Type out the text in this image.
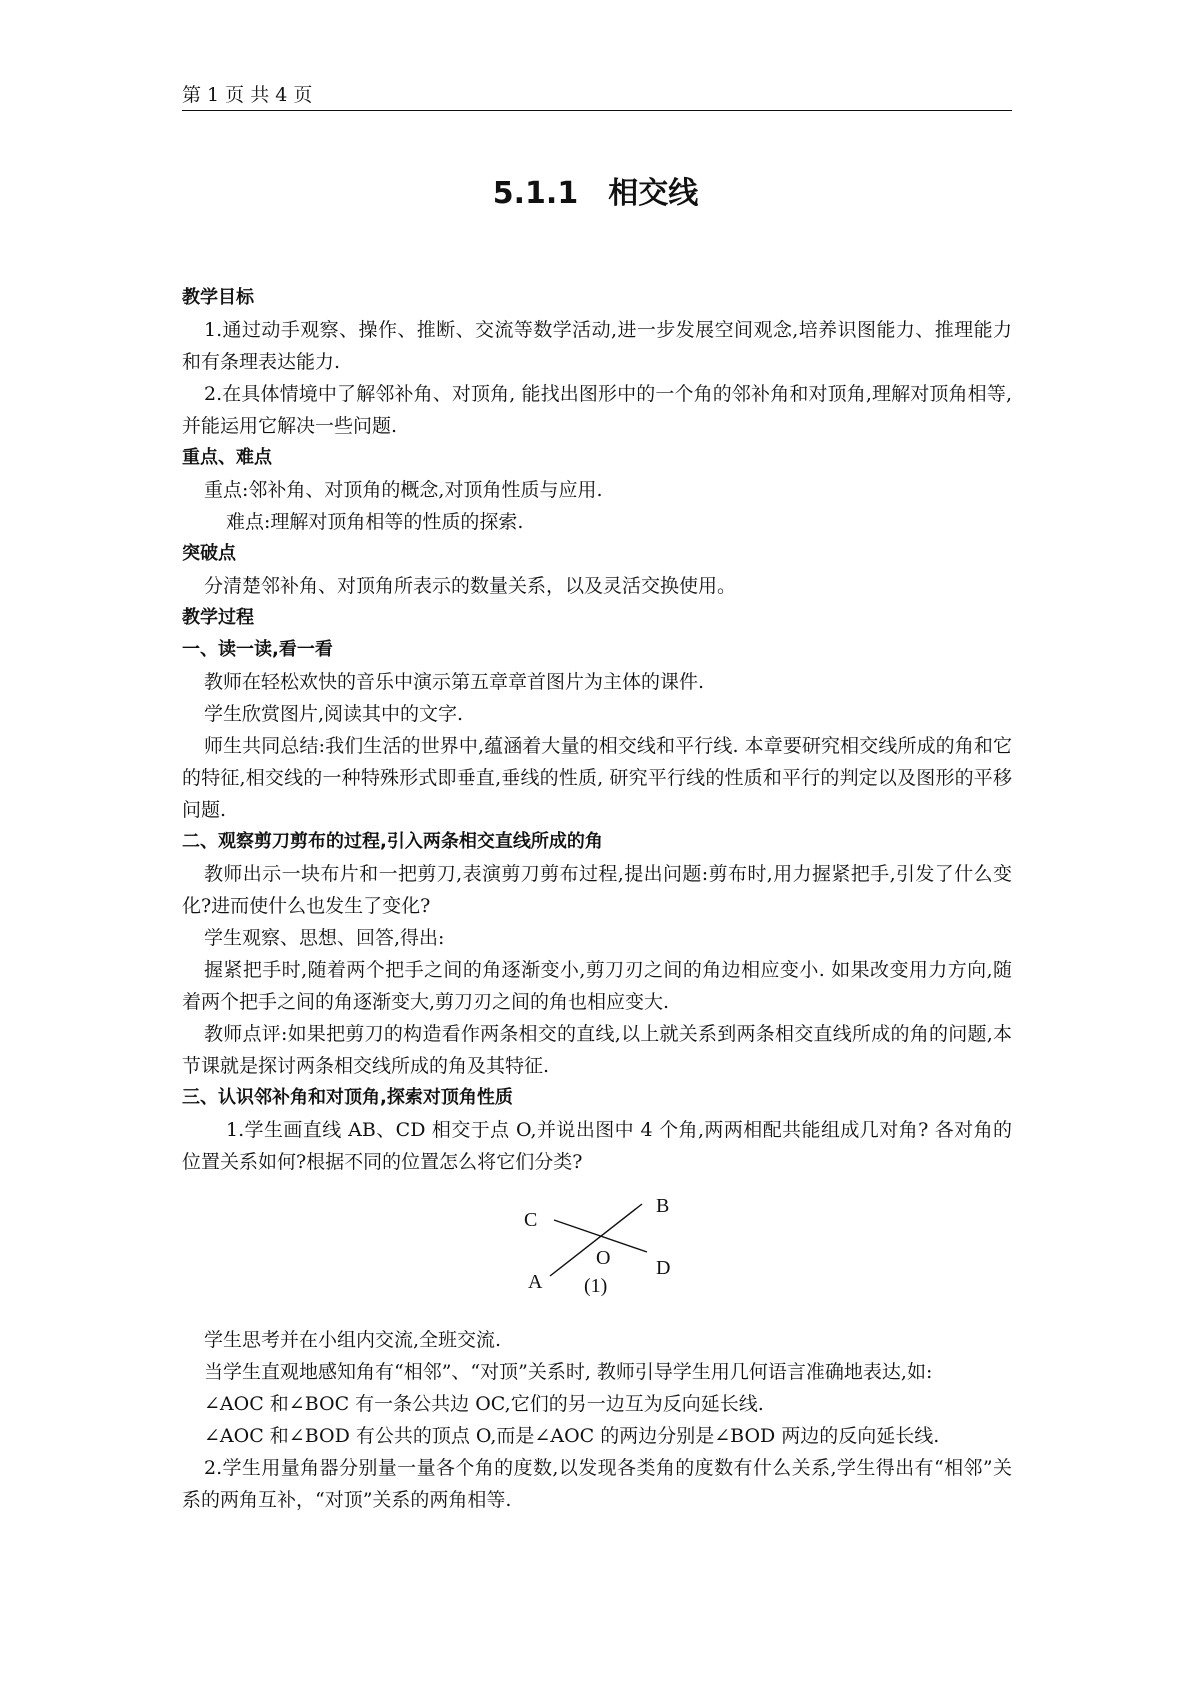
第 1 页 共 4 页
5.1.1　相交线

教学目标

1.通过动手观察、操作、推断、交流等数学活动,进一步发展空间观念,培养识图能力、推理能力和有条理表达能力.

2.在具体情境中了解邻补角、对顶角, 能找出图形中的一个角的邻补角和对顶角,理解对顶角相等,并能运用它解决一些问题.

重点、难点

重点:邻补角、对顶角的概念,对顶角性质与应用.

难点:理解对顶角相等的性质的探索.

突破点

分清楚邻补角、对顶角所表示的数量关系，以及灵活交换使用。

教学过程

一、读一读,看一看

教师在轻松欢快的音乐中演示第五章章首图片为主体的课件.

学生欣赏图片,阅读其中的文字.

师生共同总结:我们生活的世界中,蕴涵着大量的相交线和平行线. 本章要研究相交线所成的角和它的特征,相交线的一种特殊形式即垂直,垂线的性质, 研究平行线的性质和平行的判定以及图形的平移问题.

二、观察剪刀剪布的过程,引入两条相交直线所成的角

教师出示一块布片和一把剪刀,表演剪刀剪布过程,提出问题:剪布时,用力握紧把手,引发了什么变化?进而使什么也发生了变化?

学生观察、思想、回答,得出:

握紧把手时,随着两个把手之间的角逐渐变小,剪刀刃之间的角边相应变小. 如果改变用力方向,随着两个把手之间的角逐渐变大,剪刀刃之间的角也相应变大.

教师点评:如果把剪刀的构造看作两条相交的直线,以上就关系到两条相交直线所成的角的问题,本节课就是探讨两条相交线所成的角及其特征.

三、认识邻补角和对顶角,探索对顶角性质

1.学生画直线 AB、CD 相交于点 O,并说出图中 4 个角,两两相配共能组成几对角? 各对角的位置关系如何?根据不同的位置怎么将它们分类?

C
B
O D
A (1)

学生思考并在小组内交流,全班交流.

当学生直观地感知角有“相邻”、“对顶”关系时, 教师引导学生用几何语言准确地表达,如:

∠AOC 和∠BOC 有一条公共边 OC,它们的另一边互为反向延长线.

∠AOC 和∠BOD 有公共的顶点 O,而是∠AOC 的两边分别是∠BOD 两边的反向延长线.

2.学生用量角器分别量一量各个角的度数,以发现各类角的度数有什么关系,学生得出有“相邻”关系的两角互补，“对顶”关系的两角相等.
